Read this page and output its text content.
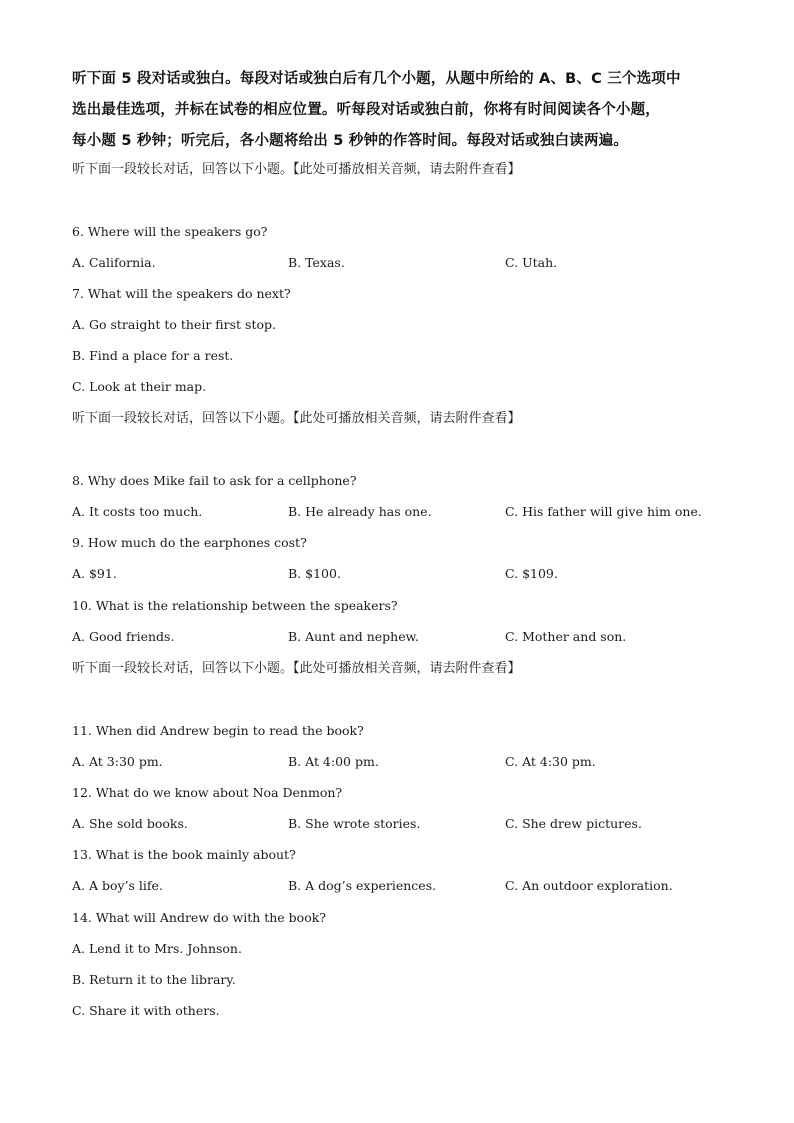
听下面 5 段对话或独白。每段对话或独白后有几个小题，从题中所给的 A、B、C 三个选项中

选出最佳选项，并标在试卷的相应位置。听每段对话或独白前，你将有时间阅读各个小题，

每小题 5 秒钟；听完后，各小题将给出 5 秒钟的作答时间。每段对话或独白读两遍。

听下面一段较长对话，回答以下小题。【此处可播放相关音频，请去附件查看】
6. Where will the speakers go?
A. California.	B. Texas.	C. Utah.
7. What will the speakers do next?
A. Go straight to their first stop.
B. Find a place for a rest.
C. Look at their map.
听下面一段较长对话，回答以下小题。【此处可播放相关音频，请去附件查看】
8. Why does Mike fail to ask for a cellphone?
A. It costs too much.	B. He already has one.	C. His father will give him one.
9. How much do the earphones cost?
A. $91.	B. $100.	C. $109.
10. What is the relationship between the speakers?
A. Good friends.	B. Aunt and nephew.	C. Mother and son.
听下面一段较长对话，回答以下小题。【此处可播放相关音频，请去附件查看】
11. When did Andrew begin to read the book?
A. At 3:30 pm.	B. At 4:00 pm.	C. At 4:30 pm.
12. What do we know about Noa Denmon?
A. She sold books.	B. She wrote stories.	C. She drew pictures.
13. What is the book mainly about?
A. A boy’s life.	B. A dog’s experiences.	C. An outdoor exploration.
14. What will Andrew do with the book?
A. Lend it to Mrs. Johnson.
B. Return it to the library.
C. Share it with others.
